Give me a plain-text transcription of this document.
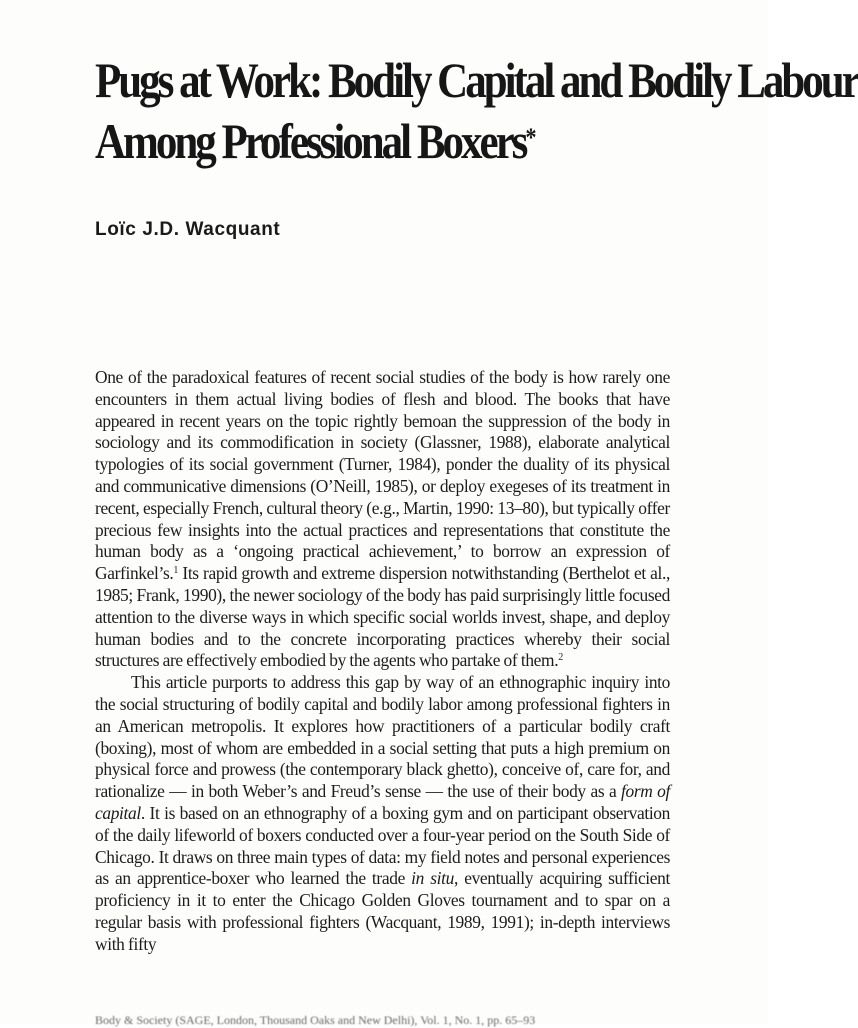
Pugs at Work: Bodily Capital and Bodily Labour
Among Professional Boxers*
Loïc J.D. Wacquant

One of the paradoxical features of recent social studies of the body is how rarely one encounters in them actual living bodies of flesh and blood. The books that have appeared in recent years on the topic rightly bemoan the suppression of the body in sociology and its commodification in society (Glassner, 1988), elaborate analytical typologies of its social government (Turner, 1984), ponder the duality of its physical and communicative dimensions (O’Neill, 1985), or deploy exegeses of its treatment in recent, especially French, cultural theory (e.g., Martin, 1990: 13–80), but typically offer precious few insights into the actual practices and representations that constitute the human body as a ‘ongoing practical achievement,’ to borrow an expression of Garfinkel’s.$^1$ Its rapid growth and extreme dispersion notwithstanding (Berthelot et al., 1985; Frank, 1990), the newer sociology of the body has paid surprisingly little focused attention to the diverse ways in which specific social worlds invest, shape, and deploy human bodies and to the concrete incorporating practices whereby their social structures are effectively embodied by the agents who partake of them.$^2$

This article purports to address this gap by way of an ethnographic inquiry into the social structuring of bodily capital and bodily labor among professional fighters in an American metropolis. It explores how practitioners of a particular bodily craft (boxing), most of whom are embedded in a social setting that puts a high premium on physical force and prowess (the contemporary black ghetto), conceive of, care for, and rationalize — in both Weber’s and Freud’s sense — the use of their body as a form of capital. It is based on an ethnography of a boxing gym and on participant observation of the daily lifeworld of boxers conducted over a four-year period on the South Side of Chicago. It draws on three main types of data: my field notes and personal experiences as an apprentice-boxer who learned the trade in situ, eventually acquiring sufficient proficiency in it to enter the Chicago Golden Gloves tournament and to spar on a regular basis with professional fighters (Wacquant, 1989, 1991); in-depth interviews with fifty

Body & Society (SAGE, London, Thousand Oaks and New Delhi), Vol. 1, No. 1, pp. 65–93
